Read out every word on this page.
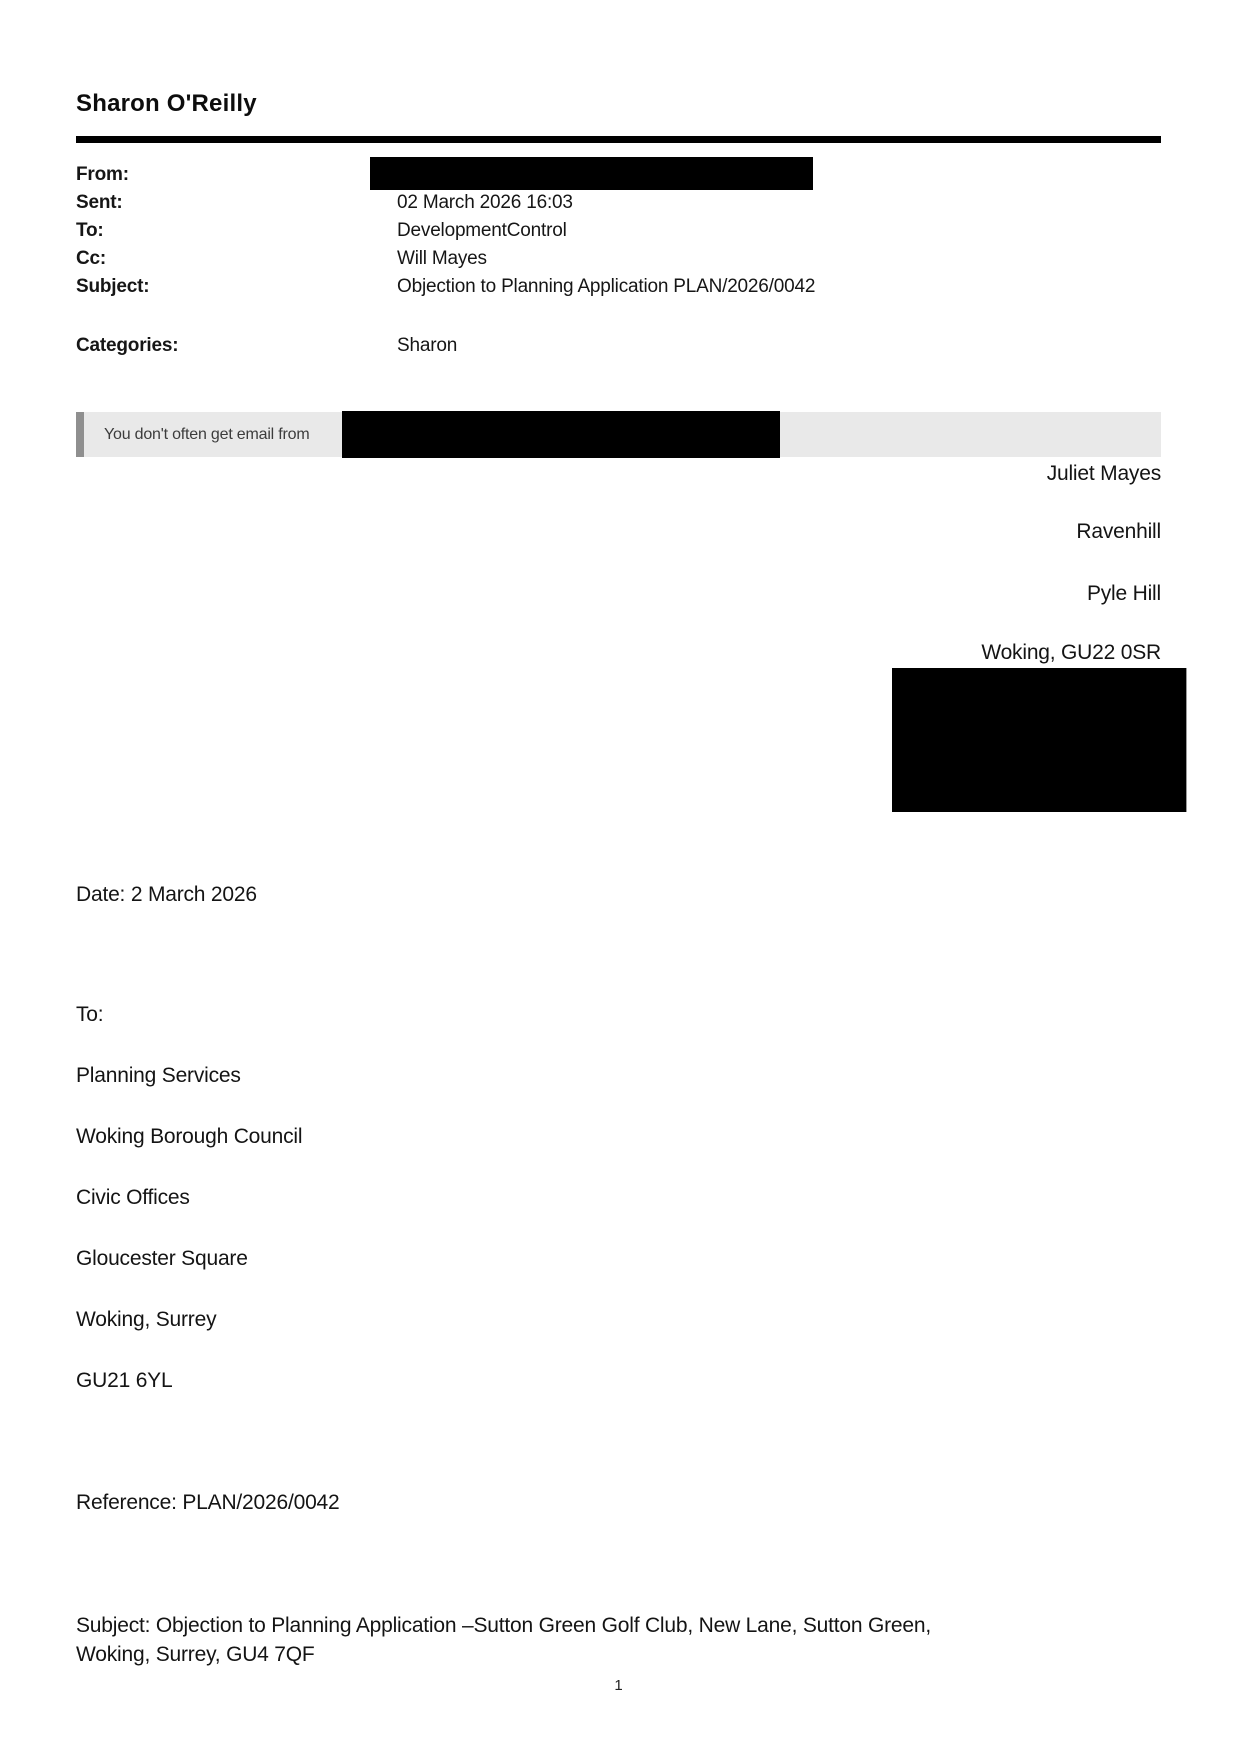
Sharon O'Reilly
From:
Sent:	02 March 2026 16:03
To:	DevelopmentControl
Cc:	Will Mayes
Subject:	Objection to Planning Application PLAN/2026/0042
Categories:	Sharon
You don't often get email from
Juliet Mayes
Ravenhill
Pyle Hill
Woking, GU22 0SR
Date: 2 March 2026
To:
Planning Services
Woking Borough Council
Civic Offices
Gloucester Square
Woking, Surrey
GU21 6YL
Reference: PLAN/2026/0042
Subject: Objection to Planning Application –Sutton Green Golf Club, New Lane, Sutton Green,
Woking, Surrey, GU4 7QF
1
